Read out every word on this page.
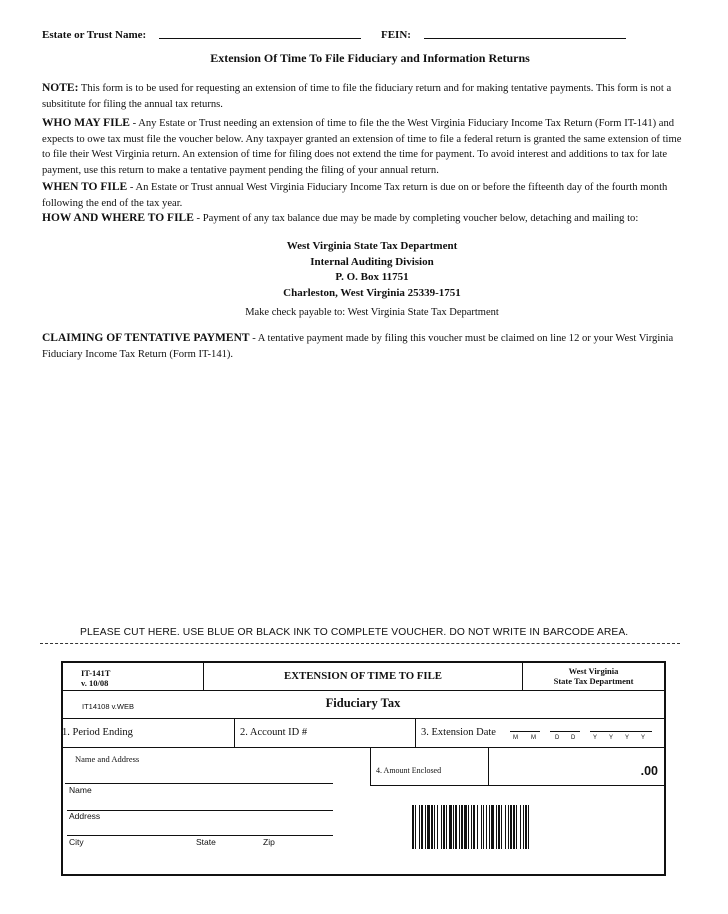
Estate or Trust Name:	FEIN:
Extension Of Time To File Fiduciary and Information Returns
NOTE: This form is to be used for requesting an extension of time to file the fiduciary return and for making tentative payments. This form is not a subsititute for filing the annual tax returns.
WHO MAY FILE - Any Estate or Trust needing an extension of time to file the the West Virginia Fiduciary Income Tax Return (Form IT-141) and expects to owe tax must file the voucher below. Any taxpayer granted an extension of time to file a federal return is granted the same extension of time to file their West Virginia return. An extension of time for filing does not extend the time for payment. To avoid interest and additions to tax for late payment, use this return to make a tentative payment pending the filing of your annual return.
WHEN TO FILE - An Estate or Trust annual West Virginia Fiduciary Income Tax return is due on or before the fifteenth day of the fourth month following the end of the tax year.
HOW AND WHERE TO FILE - Payment of any tax balance due may be made by completing voucher below, detaching and mailing to:
West Virginia State Tax Department
Internal Auditing Division
P. O. Box 11751
Charleston, West Virginia 25339-1751
Make check payable to: West Virginia State Tax Department
CLAIMING OF TENTATIVE PAYMENT - A tentative payment made by filing this voucher must be claimed on line 12 or your West Virginia Fiduciary Income Tax Return (Form IT-141).
PLEASE CUT HERE. USE BLUE OR BLACK INK TO COMPLETE VOUCHER. DO NOT WRITE IN BARCODE AREA.
IT-141T
v. 10/08
EXTENSION OF TIME TO FILE	West Virginia
State Tax Department
IT14108 v.WEB	Fiduciary Tax
1. Period Ending	2. Account ID #	3. Extension Date	M M	D D	Y Y Y Y
Name and Address
4. Amount Enclosed	.00
Name
Address
City	State	Zip
